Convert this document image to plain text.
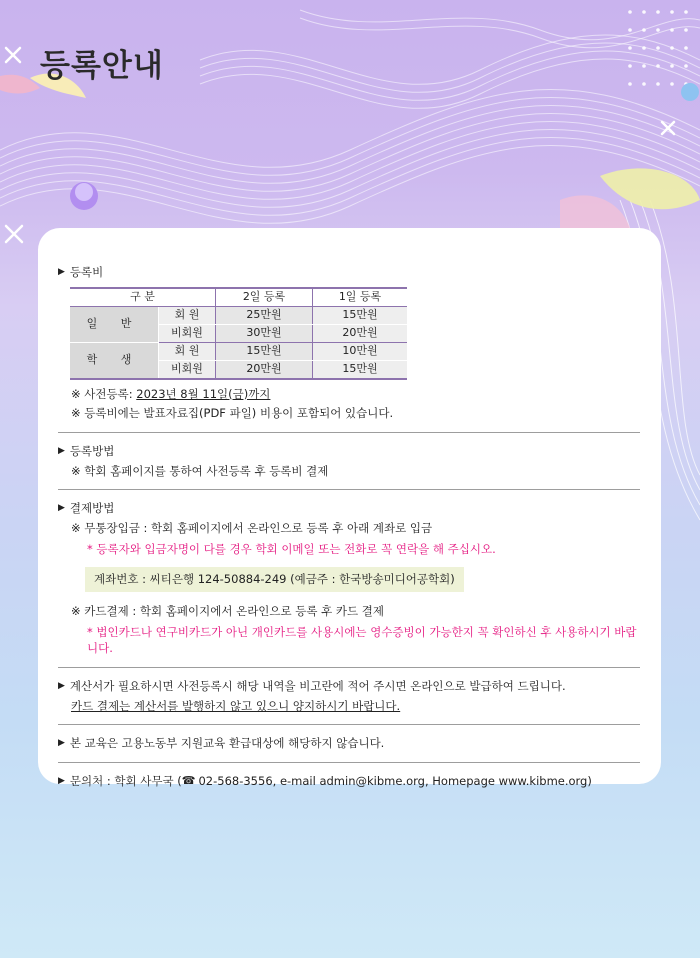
등록안내
▶ 등록비
구 분		2일 등록	1일 등록
일 반	회 원	25만원	15만원
	비회원	30만원	20만원
학 생	회 원	15만원	10만원
	비회원	20만원	15만원
※ 사전등록: 2023년 8월 11일(금)까지
※ 등록비에는 발표자료집(PDF 파일) 비용이 포함되어 있습니다.
▶ 등록방법
※ 학회 홈페이지를 통하여 사전등록 후 등록비 결제
▶ 결제방법
※ 무통장입금 : 학회 홈페이지에서 온라인으로 등록 후 아래 계좌로 입금
* 등록자와 입금자명이 다를 경우 학회 이메일 또는 전화로 꼭 연락을 해 주십시오.
계좌번호 : 씨티은행 124-50884-249 (예금주 : 한국방송미디어공학회)
※ 카드결제 : 학회 홈페이지에서 온라인으로 등록 후 카드 결제
* 법인카드나 연구비카드가 아닌 개인카드를 사용시에는 영수증빙이 가능한지 꼭 확인하신 후 사용하시기 바랍니다.
▶ 계산서가 필요하시면 사전등록시 해당 내역을 비고란에 적어 주시면 온라인으로 발급하여 드립니다.
카드 결제는 계산서를 발행하지 않고 있으니 양지하시기 바랍니다.
▶ 본 교육은 고용노동부 지원교육 환급대상에 해당하지 않습니다.
▶ 문의처 : 학회 사무국 ( ☎ 02-568-3556, e-mail admin@kibme.org, Homepage www.kibme.org)
